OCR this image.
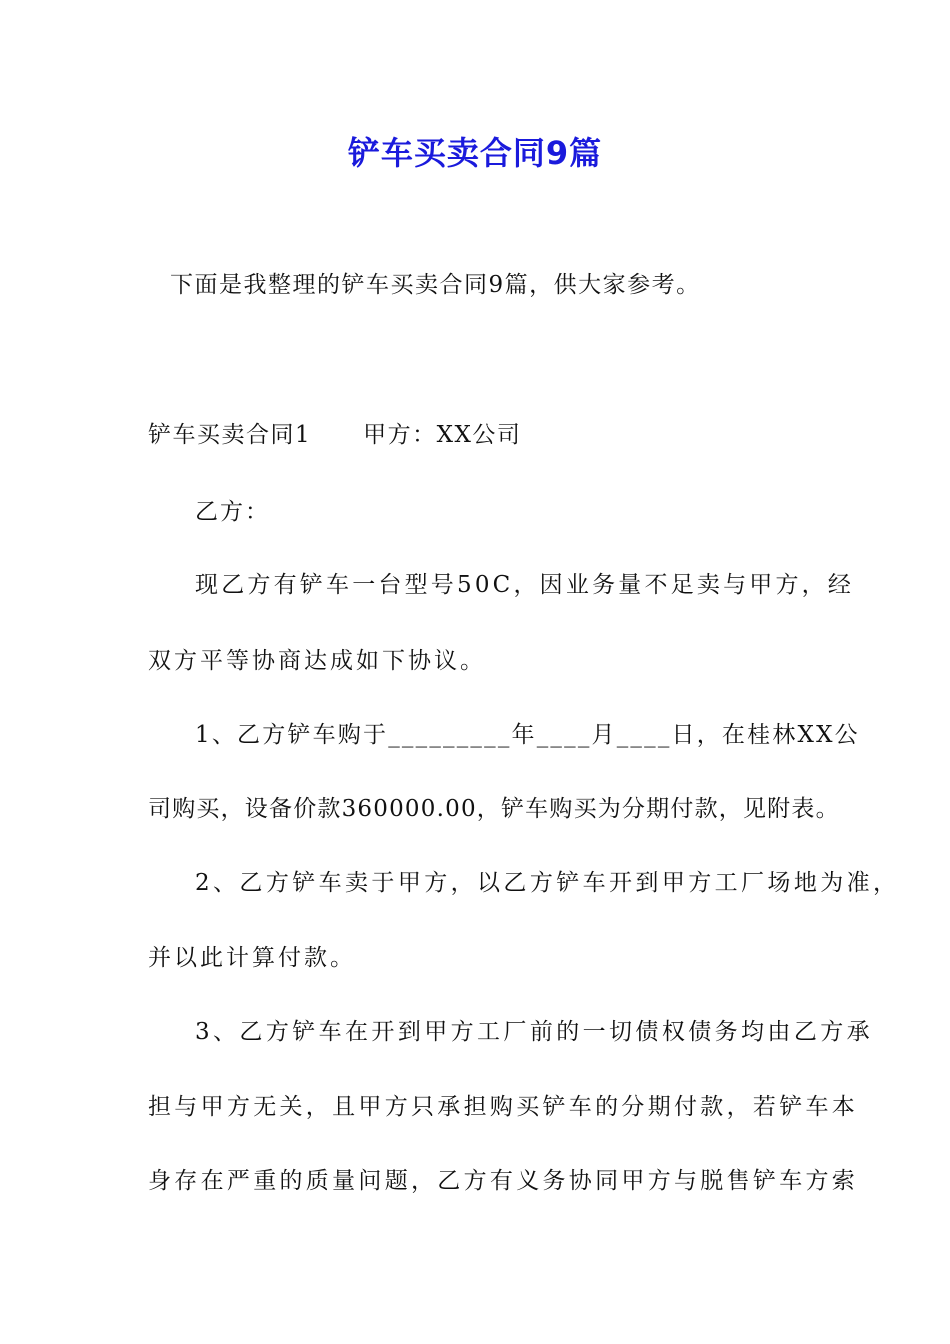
铲车买卖合同9篇
下面是我整理的铲车买卖合同9篇，供大家参考。
铲车买卖合同1 甲方：XX公司
乙方：
现乙方有铲车一台型号50C，因业务量不足卖与甲方，经
双方平等协商达成如下协议。
1、乙方铲车购于_________年____月____日，在桂林XX公
司购买，设备价款360000.00，铲车购买为分期付款，见附表。
2、乙方铲车卖于甲方，以乙方铲车开到甲方工厂场地为准，
并以此计算付款。
3、乙方铲车在开到甲方工厂前的一切债权债务均由乙方承
担与甲方无关，且甲方只承担购买铲车的分期付款，若铲车本
身存在严重的质量问题，乙方有义务协同甲方与脱售铲车方索
